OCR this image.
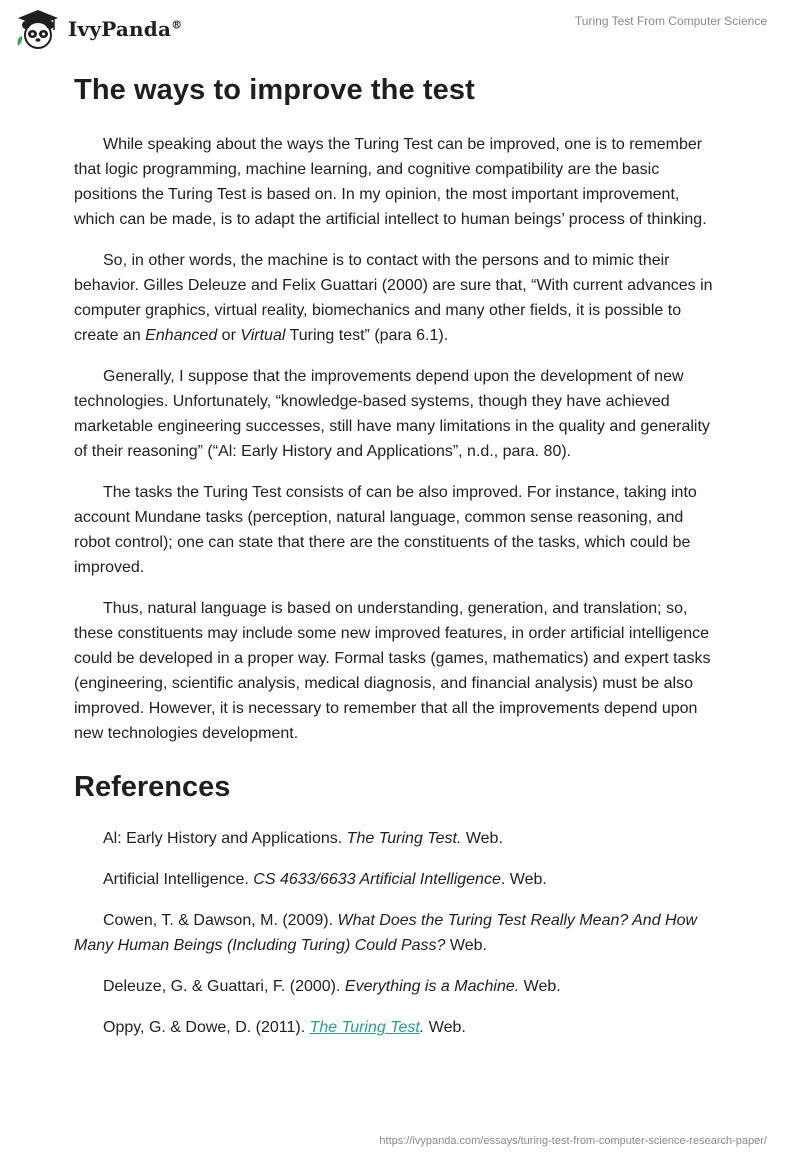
IvyPanda®	Turing Test From Computer Science
The ways to improve the test

While speaking about the ways the Turing Test can be improved, one is to remember that logic programming, machine learning, and cognitive compatibility are the basic positions the Turing Test is based on. In my opinion, the most important improvement, which can be made, is to adapt the artificial intellect to human beings’ process of thinking.

So, in other words, the machine is to contact with the persons and to mimic their behavior. Gilles Deleuze and Felix Guattari (2000) are sure that, “With current advances in computer graphics, virtual reality, biomechanics and many other fields, it is possible to create an Enhanced or Virtual Turing test” (para 6.1).

Generally, I suppose that the improvements depend upon the development of new technologies. Unfortunately, “knowledge-based systems, though they have achieved marketable engineering successes, still have many limitations in the quality and generality of their reasoning” (“Al: Early History and Applications”, n.d., para. 80).

The tasks the Turing Test consists of can be also improved. For instance, taking into account Mundane tasks (perception, natural language, common sense reasoning, and robot control); one can state that there are the constituents of the tasks, which could be improved.

Thus, natural language is based on understanding, generation, and translation; so, these constituents may include some new improved features, in order artificial intelligence could be developed in a proper way. Formal tasks (games, mathematics) and expert tasks (engineering, scientific analysis, medical diagnosis, and financial analysis) must be also improved. However, it is necessary to remember that all the improvements depend upon new technologies development.

References

Al: Early History and Applications. The Turing Test. Web.

Artificial Intelligence. CS 4633/6633 Artificial Intelligence. Web.

Cowen, T. & Dawson, M. (2009). What Does the Turing Test Really Mean? And How Many Human Beings (Including Turing) Could Pass? Web.

Deleuze, G. & Guattari, F. (2000). Everything is a Machine. Web.

Oppy, G. & Dowe, D. (2011). The Turing Test. Web.

https://ivypanda.com/essays/turing-test-from-computer-science-research-paper/
